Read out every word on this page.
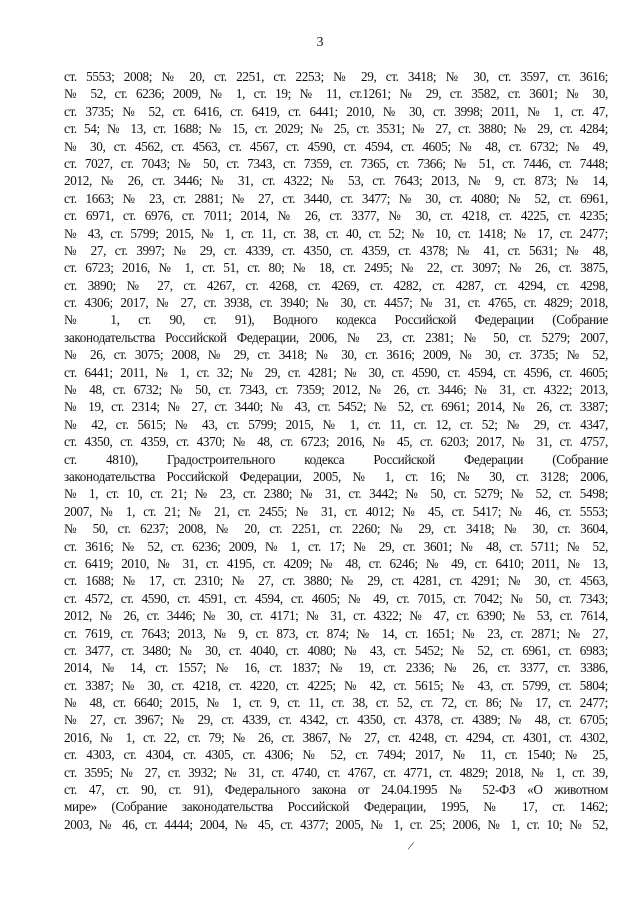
3
ст. 5553; 2008; № 20, ст. 2251, ст. 2253; № 29, ст. 3418; № 30, ст. 3597, ст. 3616;
№ 52, ст. 6236; 2009, № 1, ст. 19; № 11, ст.1261; № 29, ст. 3582, ст. 3601; № 30,
ст. 3735; № 52, ст. 6416, ст. 6419, ст. 6441; 2010, № 30, ст. 3998; 2011, № 1, ст. 47,
ст. 54; № 13, ст. 1688; № 15, ст. 2029; № 25, ст. 3531; № 27, ст. 3880; № 29, ст. 4284;
№ 30, ст. 4562, ст. 4563, ст. 4567, ст. 4590, ст. 4594, ст. 4605; № 48, ст. 6732; № 49,
ст. 7027, ст. 7043; № 50, ст. 7343, ст. 7359, ст. 7365, ст. 7366; № 51, ст. 7446, ст. 7448;
2012, № 26, ст. 3446; № 31, ст. 4322; № 53, ст. 7643; 2013, № 9, ст. 873; № 14,
ст. 1663; № 23, ст. 2881; № 27, ст. 3440, ст. 3477; № 30, ст. 4080; № 52, ст. 6961,
ст. 6971, ст. 6976, ст. 7011; 2014, № 26, ст. 3377, № 30, ст. 4218, ст. 4225, ст. 4235;
№ 43, ст. 5799; 2015, № 1, ст. 11, ст. 38, ст. 40, ст. 52; № 10, ст. 1418; № 17, ст. 2477;
№ 27, ст. 3997; № 29, ст. 4339, ст. 4350, ст. 4359, ст. 4378; № 41, ст. 5631; № 48,
ст. 6723; 2016, № 1, ст. 51, ст. 80; № 18, ст. 2495; № 22, ст. 3097; № 26, ст. 3875,
ст. 3890; № 27, ст. 4267, ст. 4268, ст. 4269, ст. 4282, ст. 4287, ст. 4294, ст. 4298,
ст. 4306; 2017, № 27, ст. 3938, ст. 3940; № 30, ст. 4457; № 31, ст. 4765, ст. 4829; 2018,
№ 1, ст. 90, ст. 91), Водного кодекса Российской Федерации (Собрание
законодательства Российской Федерации, 2006, № 23, ст. 2381; № 50, ст. 5279; 2007,
№ 26, ст. 3075; 2008, № 29, ст. 3418; № 30, ст. 3616; 2009, № 30, ст. 3735; № 52,
ст. 6441; 2011, № 1, ст. 32; № 29, ст. 4281; № 30, ст. 4590, ст. 4594, ст. 4596, ст. 4605;
№ 48, ст. 6732; № 50, ст. 7343, ст. 7359; 2012, № 26, ст. 3446; № 31, ст. 4322; 2013,
№ 19, ст. 2314; № 27, ст. 3440; № 43, ст. 5452; № 52, ст. 6961; 2014, № 26, ст. 3387;
№ 42, ст. 5615; № 43, ст. 5799; 2015, № 1, ст. 11, ст. 12, ст. 52; № 29, ст. 4347,
ст. 4350, ст. 4359, ст. 4370; № 48, ст. 6723; 2016, № 45, ст. 6203; 2017, № 31, ст. 4757,
ст. 4810), Градостроительного кодекса Российской Федерации (Собрание
законодательства Российской Федерации, 2005, № 1, ст. 16; № 30, ст. 3128; 2006,
№ 1, ст. 10, ст. 21; № 23, ст. 2380; № 31, ст. 3442; № 50, ст. 5279; № 52, ст. 5498;
2007, № 1, ст. 21; № 21, ст. 2455; № 31, ст. 4012; № 45, ст. 5417; № 46, ст. 5553;
№ 50, ст. 6237; 2008, № 20, ст. 2251, ст. 2260; № 29, ст. 3418; № 30, ст. 3604,
ст. 3616; № 52, ст. 6236; 2009, № 1, ст. 17; № 29, ст. 3601; № 48, ст. 5711; № 52,
ст. 6419; 2010, № 31, ст. 4195, ст. 4209; № 48, ст. 6246; № 49, ст. 6410; 2011, № 13,
ст. 1688; № 17, ст. 2310; № 27, ст. 3880; № 29, ст. 4281, ст. 4291; № 30, ст. 4563,
ст. 4572, ст. 4590, ст. 4591, ст. 4594, ст. 4605; № 49, ст. 7015, ст. 7042; № 50, ст. 7343;
2012, № 26, ст. 3446; № 30, ст. 4171; № 31, ст. 4322; № 47, ст. 6390; № 53, ст. 7614,
ст. 7619, ст. 7643; 2013, № 9, ст. 873, ст. 874; № 14, ст. 1651; № 23, ст. 2871; № 27,
ст. 3477, ст. 3480; № 30, ст. 4040, ст. 4080; № 43, ст. 5452; № 52, ст. 6961, ст. 6983;
2014, № 14, ст. 1557; № 16, ст. 1837; № 19, ст. 2336; № 26, ст. 3377, ст. 3386,
ст. 3387; № 30, ст. 4218, ст. 4220, ст. 4225; № 42, ст. 5615; № 43, ст. 5799, ст. 5804;
№ 48, ст. 6640; 2015, № 1, ст. 9, ст. 11, ст. 38, ст. 52, ст. 72, ст. 86; № 17, ст. 2477;
№ 27, ст. 3967; № 29, ст. 4339, ст. 4342, ст. 4350, ст. 4378, ст. 4389; № 48, ст. 6705;
2016, № 1, ст. 22, ст. 79; № 26, ст. 3867, № 27, ст. 4248, ст. 4294, ст. 4301, ст. 4302,
ст. 4303, ст. 4304, ст. 4305, ст. 4306; № 52, ст. 7494; 2017, № 11, ст. 1540; № 25,
ст. 3595; № 27, ст. 3932; № 31, ст. 4740, ст. 4767, ст. 4771, ст. 4829; 2018, № 1, ст. 39,
ст. 47, ст. 90, ст. 91), Федерального закона от 24.04.1995 № 52-ФЗ «О животном
мире» (Собрание законодательства Российской Федерации, 1995, № 17, ст. 1462;
2003, № 46, ст. 4444; 2004, № 45, ст. 4377; 2005, № 1, ст. 25; 2006, № 1, ст. 10; № 52,
/
